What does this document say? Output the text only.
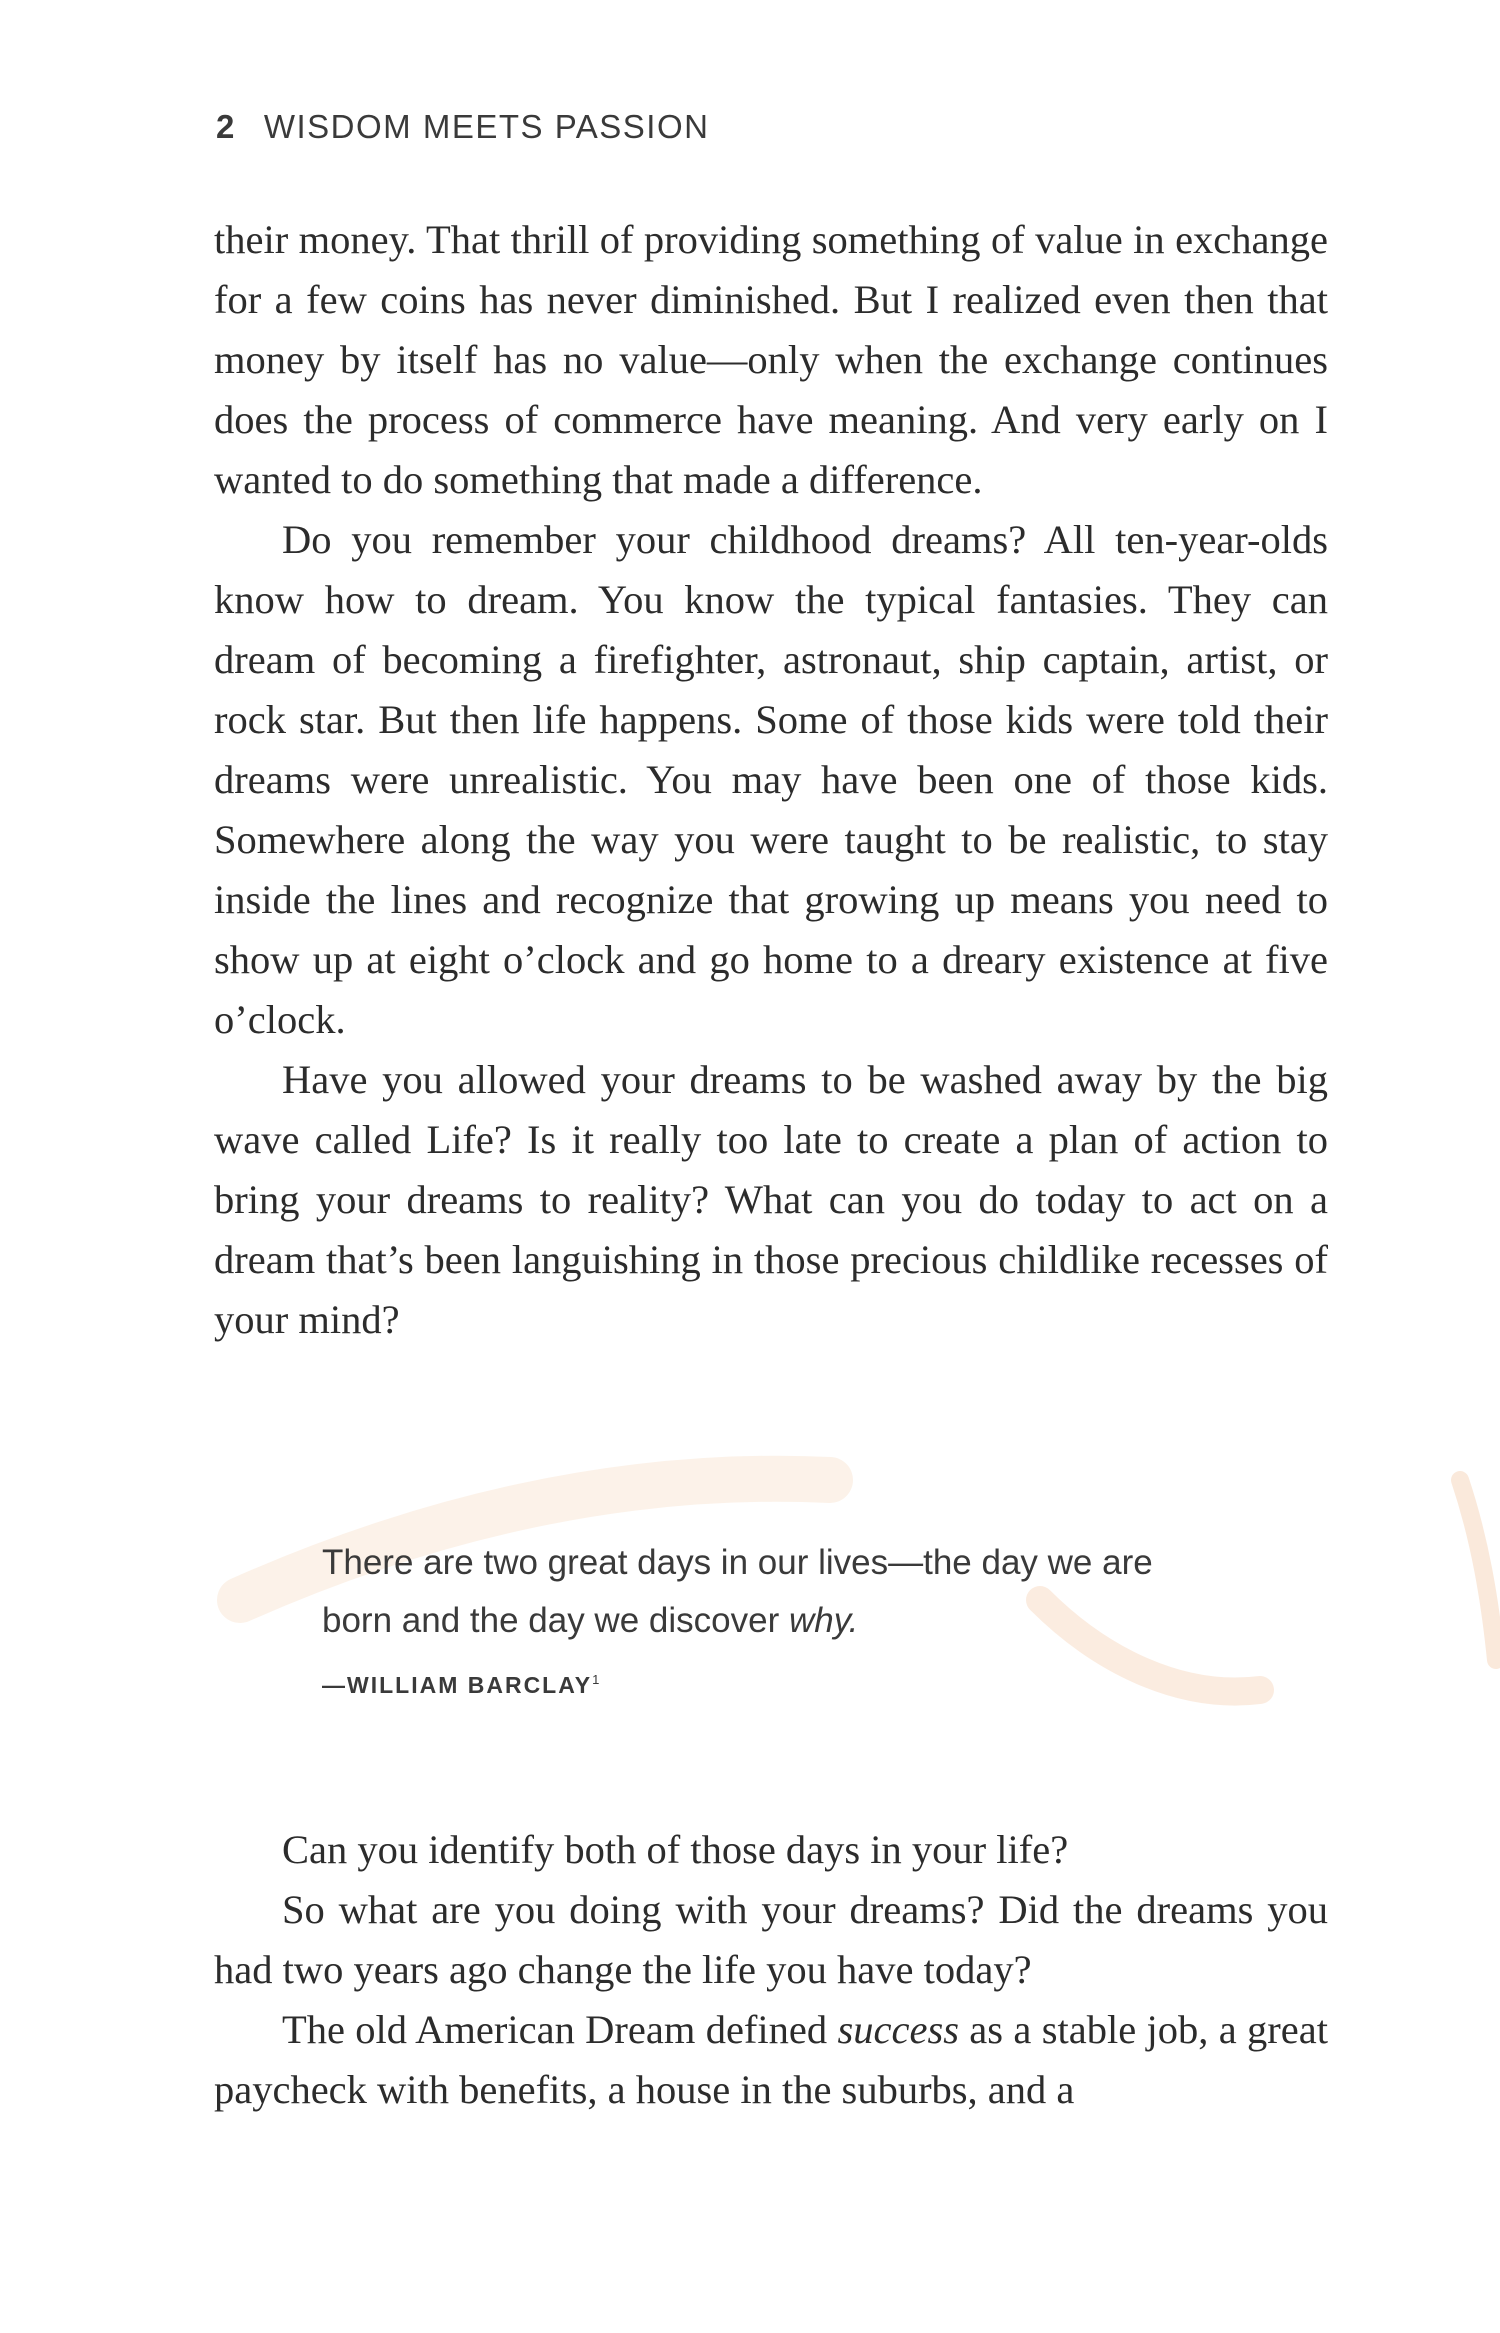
2 WISDOM MEETS PASSION

their money. That thrill of providing something of value in exchange for a few coins has never diminished. But I realized even then that money by itself has no value—only when the exchange continues does the process of commerce have meaning. And very early on I wanted to do something that made a difference.

Do you remember your childhood dreams? All ten-year-olds know how to dream. You know the typical fantasies. They can dream of becoming a firefighter, astronaut, ship captain, artist, or rock star. But then life happens. Some of those kids were told their dreams were unrealistic. You may have been one of those kids. Somewhere along the way you were taught to be realistic, to stay inside the lines and recognize that growing up means you need to show up at eight o’clock and go home to a dreary existence at five o’clock.

Have you allowed your dreams to be washed away by the big wave called Life? Is it really too late to create a plan of action to bring your dreams to reality? What can you do today to act on a dream that’s been languishing in those precious childlike recesses of your mind?

There are two great days in our lives—the day we are born and the day we discover why.

—WILLIAM BARCLAY$^1$

Can you identify both of those days in your life?

So what are you doing with your dreams? Did the dreams you had two years ago change the life you have today?

The old American Dream defined success as a stable job, a great paycheck with benefits, a house in the suburbs, and a
